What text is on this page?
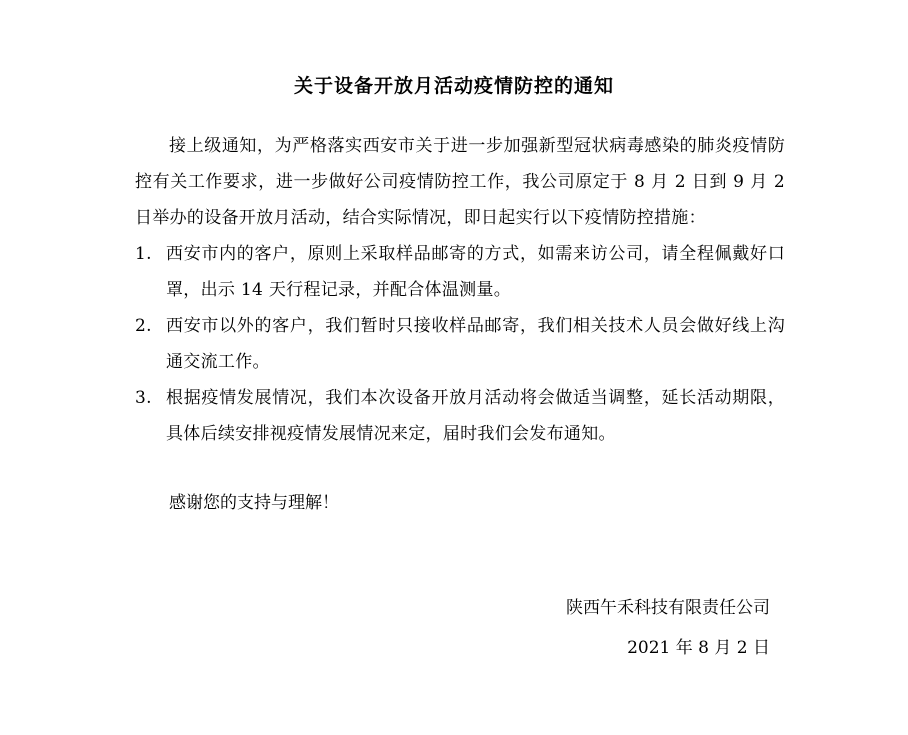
关于设备开放月活动疫情防控的通知

接上级通知，为严格落实西安市关于进一步加强新型冠状病毒感染的肺炎疫情防控有关工作要求，进一步做好公司疫情防控工作，我公司原定于 8 月 2 日到 9 月 2 日举办的设备开放月活动，结合实际情况，即日起实行以下疫情防控措施：

1. 西安市内的客户，原则上采取样品邮寄的方式，如需来访公司，请全程佩戴好口罩，出示 14 天行程记录，并配合体温测量。
2. 西安市以外的客户，我们暂时只接收样品邮寄，我们相关技术人员会做好线上沟通交流工作。
3. 根据疫情发展情况，我们本次设备开放月活动将会做适当调整，延长活动期限，具体后续安排视疫情发展情况来定，届时我们会发布通知。
感谢您的支持与理解！
陕西午禾科技有限责任公司
2021 年 8 月 2 日
